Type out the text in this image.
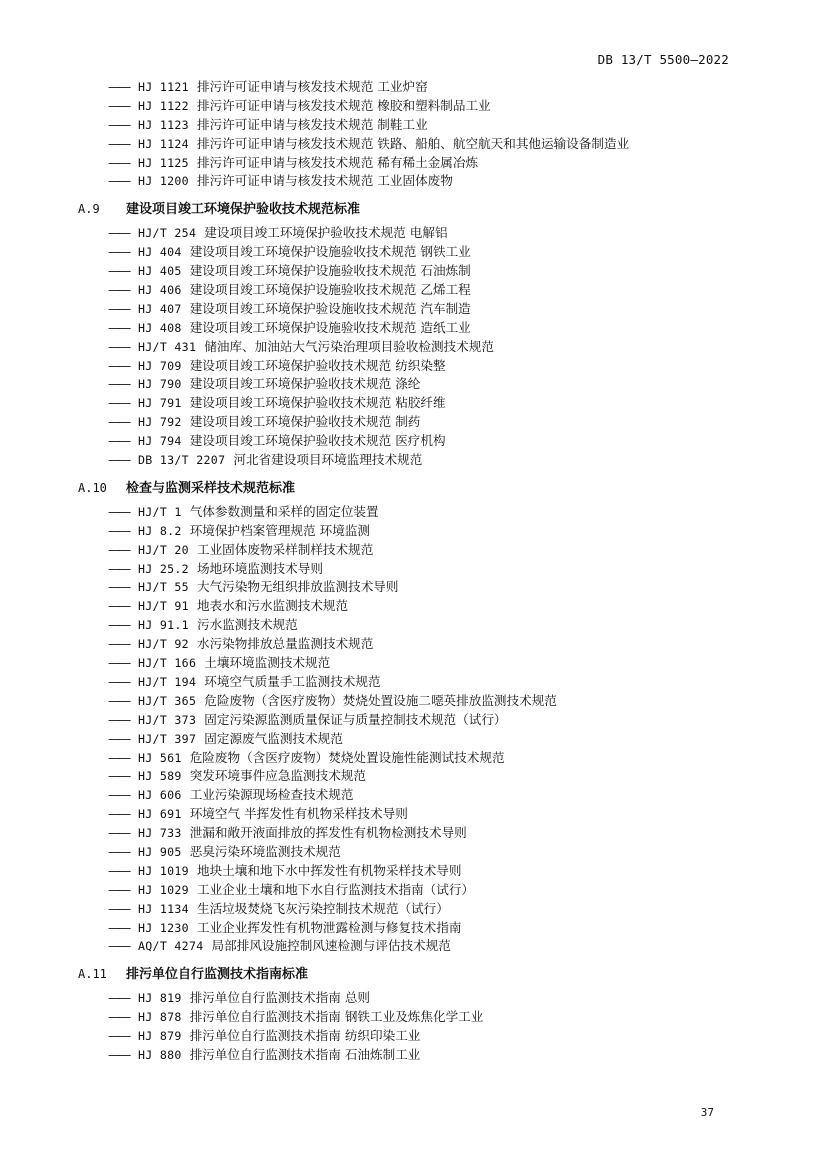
DB 13/T 5500—2022
—— HJ 1121 排污许可证申请与核发技术规范 工业炉窑
—— HJ 1122 排污许可证申请与核发技术规范 橡胶和塑料制品工业
—— HJ 1123 排污许可证申请与核发技术规范 制鞋工业
—— HJ 1124 排污许可证申请与核发技术规范 铁路、船舶、航空航天和其他运输设备制造业
—— HJ 1125 排污许可证申请与核发技术规范 稀有稀土金属冶炼
—— HJ 1200 排污许可证申请与核发技术规范 工业固体废物
A.9 建设项目竣工环境保护验收技术规范标准
—— HJ/T 254 建设项目竣工环境保护验收技术规范 电解铝
—— HJ 404 建设项目竣工环境保护设施验收技术规范 钢铁工业
—— HJ 405 建设项目竣工环境保护设施验收技术规范 石油炼制
—— HJ 406 建设项目竣工环境保护设施验收技术规范 乙烯工程
—— HJ 407 建设项目竣工环境保护验设施收技术规范 汽车制造
—— HJ 408 建设项目竣工环境保护设施验收技术规范 造纸工业
—— HJ/T 431 储油库、加油站大气污染治理项目验收检测技术规范
—— HJ 709 建设项目竣工环境保护验收技术规范 纺织染整
—— HJ 790 建设项目竣工环境保护验收技术规范 涤纶
—— HJ 791 建设项目竣工环境保护验收技术规范 粘胶纤维
—— HJ 792 建设项目竣工环境保护验收技术规范 制药
—— HJ 794 建设项目竣工环境保护验收技术规范 医疗机构
—— DB 13/T 2207 河北省建设项目环境监理技术规范
A.10 检查与监测采样技术规范标准
—— HJ/T 1 气体参数测量和采样的固定位装置
—— HJ 8.2 环境保护档案管理规范 环境监测
—— HJ/T 20 工业固体废物采样制样技术规范
—— HJ 25.2 场地环境监测技术导则
—— HJ/T 55 大气污染物无组织排放监测技术导则
—— HJ/T 91 地表水和污水监测技术规范
—— HJ 91.1 污水监测技术规范
—— HJ/T 92 水污染物排放总量监测技术规范
—— HJ/T 166 土壤环境监测技术规范
—— HJ/T 194 环境空气质量手工监测技术规范
—— HJ/T 365 危险废物（含医疗废物）焚烧处置设施二噁英排放监测技术规范
—— HJ/T 373 固定污染源监测质量保证与质量控制技术规范（试行）
—— HJ/T 397 固定源废气监测技术规范
—— HJ 561 危险废物（含医疗废物）焚烧处置设施性能测试技术规范
—— HJ 589 突发环境事件应急监测技术规范
—— HJ 606 工业污染源现场检查技术规范
—— HJ 691 环境空气 半挥发性有机物采样技术导则
—— HJ 733 泄漏和敞开液面排放的挥发性有机物检测技术导则
—— HJ 905 恶臭污染环境监测技术规范
—— HJ 1019 地块土壤和地下水中挥发性有机物采样技术导则
—— HJ 1029 工业企业土壤和地下水自行监测技术指南（试行）
—— HJ 1134 生活垃圾焚烧飞灰污染控制技术规范（试行）
—— HJ 1230 工业企业挥发性有机物泄露检测与修复技术指南
—— AQ/T 4274 局部排风设施控制风速检测与评估技术规范
A.11 排污单位自行监测技术指南标准
—— HJ 819 排污单位自行监测技术指南 总则
—— HJ 878 排污单位自行监测技术指南 钢铁工业及炼焦化学工业
—— HJ 879 排污单位自行监测技术指南 纺织印染工业
—— HJ 880 排污单位自行监测技术指南 石油炼制工业
37
